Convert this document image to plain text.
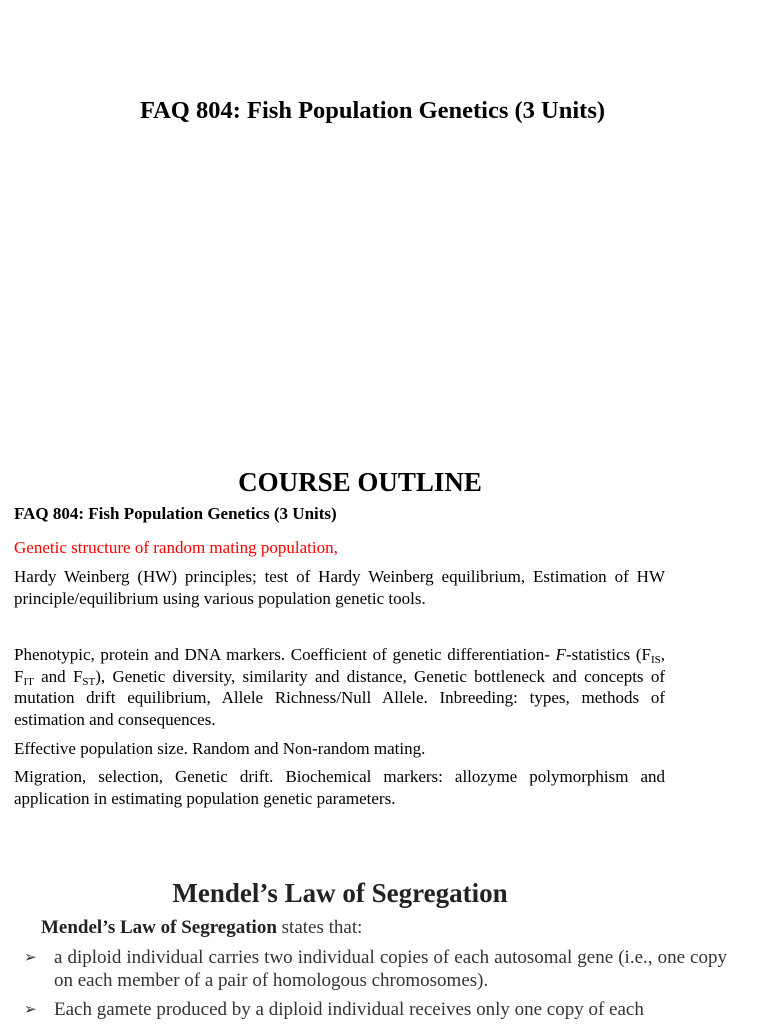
FAQ 804: Fish Population Genetics (3 Units)
COURSE OUTLINE
FAQ 804: Fish Population Genetics (3 Units)
Genetic structure of random mating population,
Hardy Weinberg (HW) principles; test of Hardy Weinberg equilibrium, Estimation of HW principle/equilibrium using various population genetic tools.
Phenotypic, protein and DNA markers. Coefficient of genetic differentiation- F-statistics ($F_{IS}$, $F_{IT}$ and $F_{ST}$), Genetic diversity, similarity and distance, Genetic bottleneck and concepts of mutation drift equilibrium, Allele Richness/Null Allele. Inbreeding: types, methods of estimation and consequences.
Effective population size. Random and Non-random mating.
Migration, selection, Genetic drift. Biochemical markers: allozyme polymorphism and application in estimating population genetic parameters.
Mendel’s Law of Segregation
Mendel’s Law of Segregation states that:
➢ a diploid individual carries two individual copies of each autosomal gene (i.e., one copy on each member of a pair of homologous chromosomes).
➢ Each gamete produced by a diploid individual receives only one copy of each
